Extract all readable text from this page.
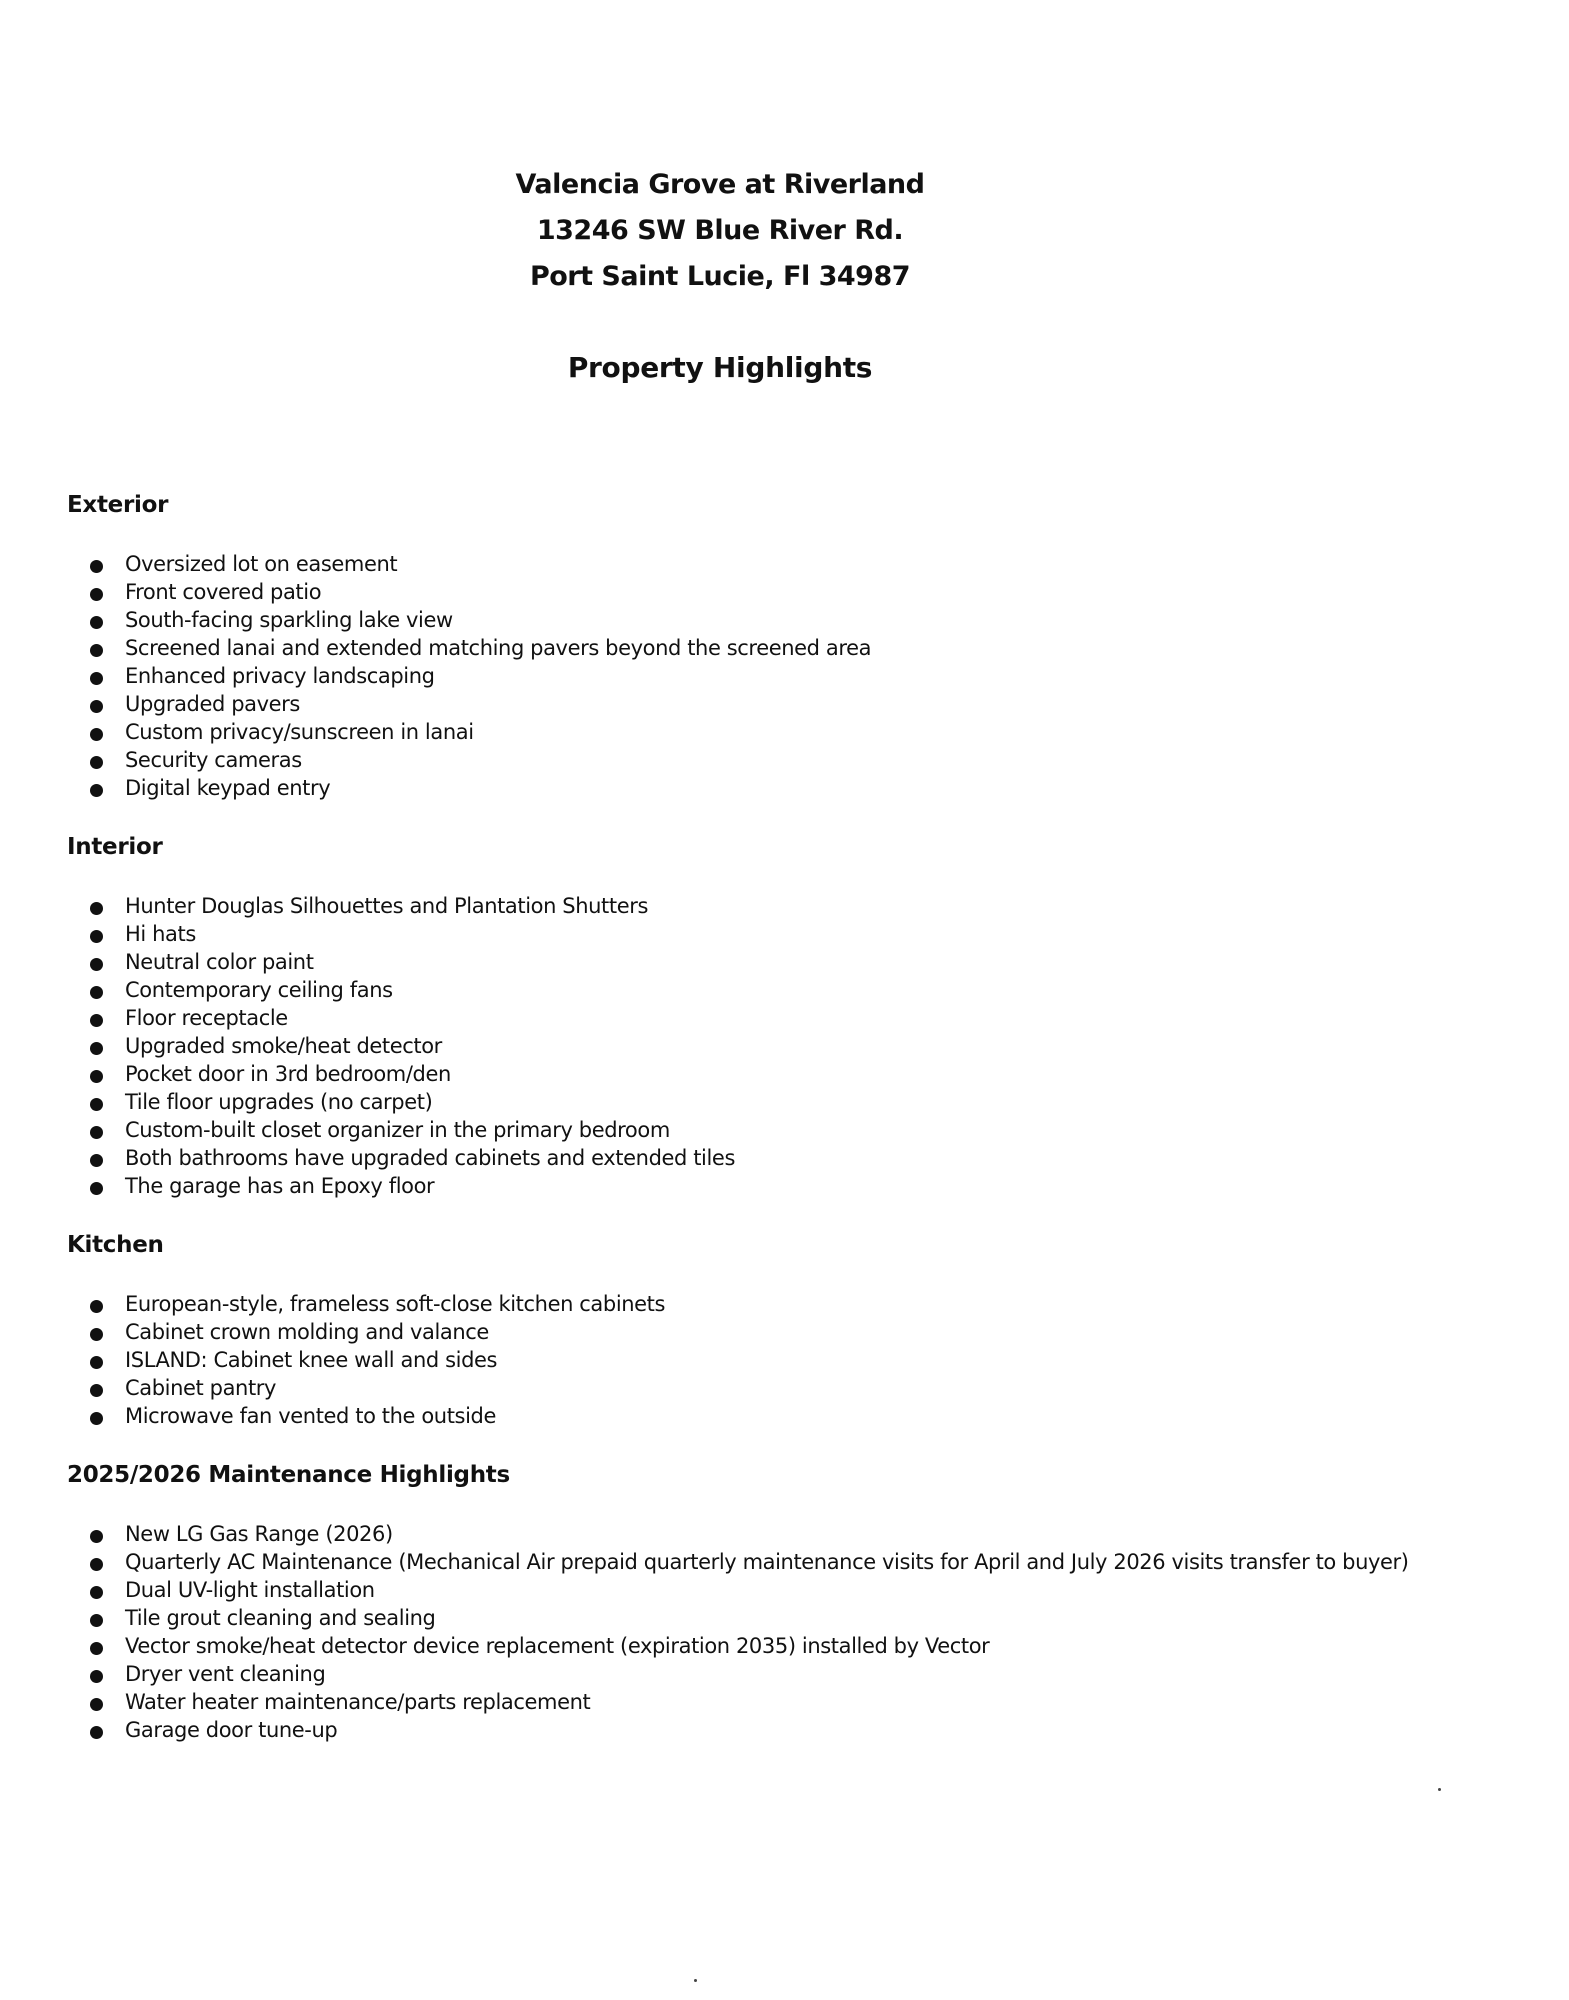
Valencia Grove at Riverland
13246 SW Blue River Rd.
Port Saint Lucie, Fl 34987
Property Highlights
Exterior
Oversized lot on easement
Front covered patio
South-facing sparkling lake view
Screened lanai and extended matching pavers beyond the screened area
Enhanced privacy landscaping
Upgraded pavers
Custom privacy/sunscreen in lanai
Security cameras
Digital keypad entry
Interior
Hunter Douglas Silhouettes and Plantation Shutters
Hi hats
Neutral color paint
Contemporary ceiling fans
Floor receptacle
Upgraded smoke/heat detector
Pocket door in 3rd bedroom/den
Tile floor upgrades (no carpet)
Custom-built closet organizer in the primary bedroom
Both bathrooms have upgraded cabinets and extended tiles
The garage has an Epoxy floor
Kitchen
European-style, frameless soft-close kitchen cabinets
Cabinet crown molding and valance
ISLAND: Cabinet knee wall and sides
Cabinet pantry
Microwave fan vented to the outside
2025/2026 Maintenance Highlights
New LG Gas Range (2026)
Quarterly AC Maintenance (Mechanical Air prepaid quarterly maintenance visits for April and July 2026 visits transfer to buyer)
Dual UV-light installation
Tile grout cleaning and sealing
Vector smoke/heat detector device replacement (expiration 2035) installed by Vector
Dryer vent cleaning
Water heater maintenance/parts replacement
Garage door tune-up
